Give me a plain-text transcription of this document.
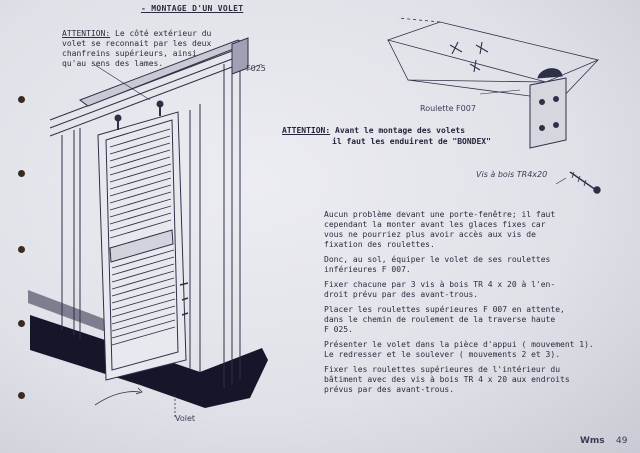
- MONTAGE D'UN VOLET
ATTENTION: Le côté extérieur du
volet se reconnait par les deux
chanfreins supérieurs, ainsi
qu'au sens des lames.
F025
Roulette F007
Vis à bois TR4x20
Volet
ATTENTION: Avant le montage des volets
il faut les enduirent de "BONDEX"
Aucun problème devant une porte-fenêtre; il faut
cependant la monter avant les glaces fixes car
vous ne pourriez plus avoir accès aux vis de
fixation des roulettes.
Donc, au sol, équiper le volet de ses roulettes
inférieures F 007.
Fixer chacune par 3 vis à bois TR 4 x 20 à l'en-
droit prévu par des avant-trous.
Placer les roulettes supérieures F 007 en attente,
dans le chemin de roulement de la traverse haute
F 025.
Présenter le volet dans la pièce d'appui ( mouvement 1).
Le redresser et le soulever ( mouvements 2 et 3).
Fixer les roulettes supérieures de l'intérieur du
bâtiment avec des vis à bois TR 4 x 20 aux endroits
prévus par des avant-trous.
Wms 49
